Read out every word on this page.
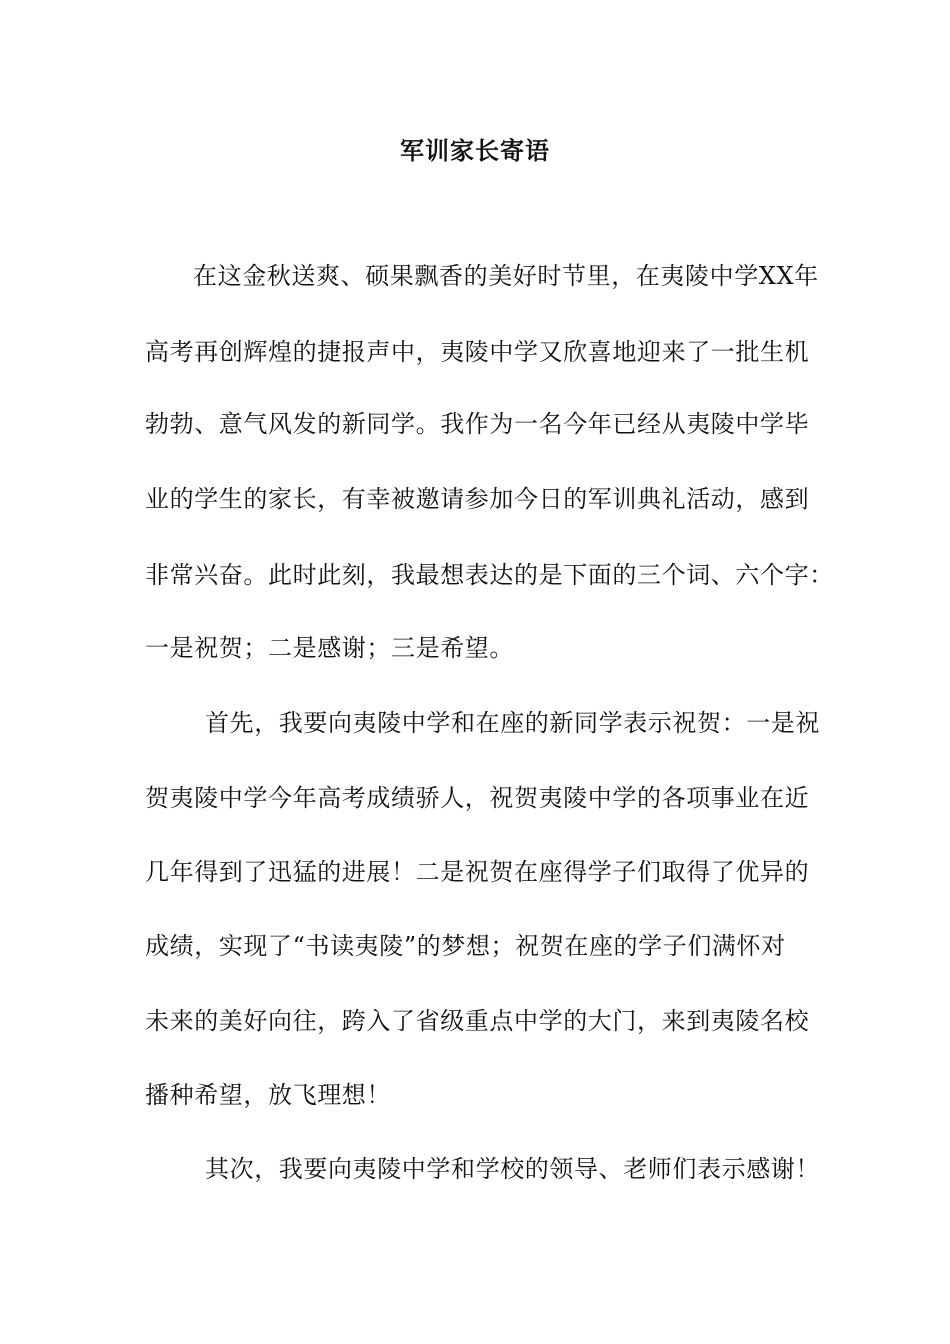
军训家长寄语
在这金秋送爽、硕果飘香的美好时节里，在夷陵中学XX年
高考再创辉煌的捷报声中，夷陵中学又欣喜地迎来了一批生机
勃勃、意气风发的新同学。我作为一名今年已经从夷陵中学毕
业的学生的家长，有幸被邀请参加今日的军训典礼活动，感到
非常兴奋。此时此刻，我最想表达的是下面的三个词、六个字：
一是祝贺；二是感谢；三是希望。
首先，我要向夷陵中学和在座的新同学表示祝贺：一是祝
贺夷陵中学今年高考成绩骄人，祝贺夷陵中学的各项事业在近
几年得到了迅猛的进展！二是祝贺在座得学子们取得了优异的
成绩，实现了“书读夷陵”的梦想；祝贺在座的学子们满怀对
未来的美好向往，跨入了省级重点中学的大门，来到夷陵名校
播种希望，放飞理想！
其次，我要向夷陵中学和学校的领导、老师们表示感谢！
